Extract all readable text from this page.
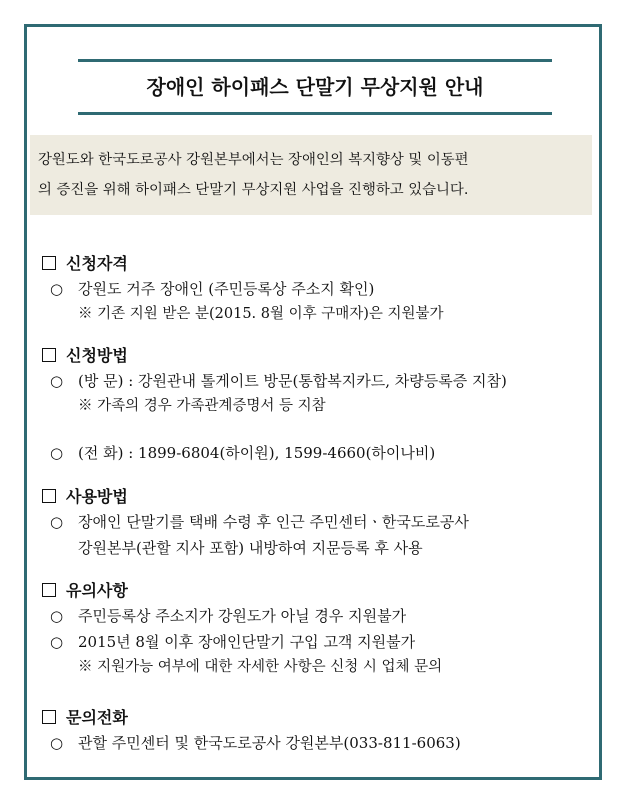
장애인 하이패스 단말기 무상지원 안내
강원도와 한국도로공사 강원본부에서는 장애인의 복지향상 및 이동편
의 증진을 위해 하이패스 단말기 무상지원 사업을 진행하고 있습니다.
신청자격
○ 강원도 거주 장애인 (주민등록상 주소지 확인)
※ 기존 지원 받은 분(2015. 8월 이후 구매자)은 지원불가
신청방법
○ (방 문) : 강원관내 톨게이트 방문(통합복지카드, 차량등록증 지참)
※ 가족의 경우 가족관계증명서 등 지참
○ (전 화) : 1899-6804(하이원), 1599-4660(하이나비)
사용방법
○ 장애인 단말기를 택배 수령 후 인근 주민센터ㆍ한국도로공사
강원본부(관할 지사 포함) 내방하여 지문등록 후 사용
유의사항
○ 주민등록상 주소지가 강원도가 아닐 경우 지원불가
○ 2015년 8월 이후 장애인단말기 구입 고객 지원불가
※ 지원가능 여부에 대한 자세한 사항은 신청 시 업체 문의
문의전화
○ 관할 주민센터 및 한국도로공사 강원본부(033-811-6063)
